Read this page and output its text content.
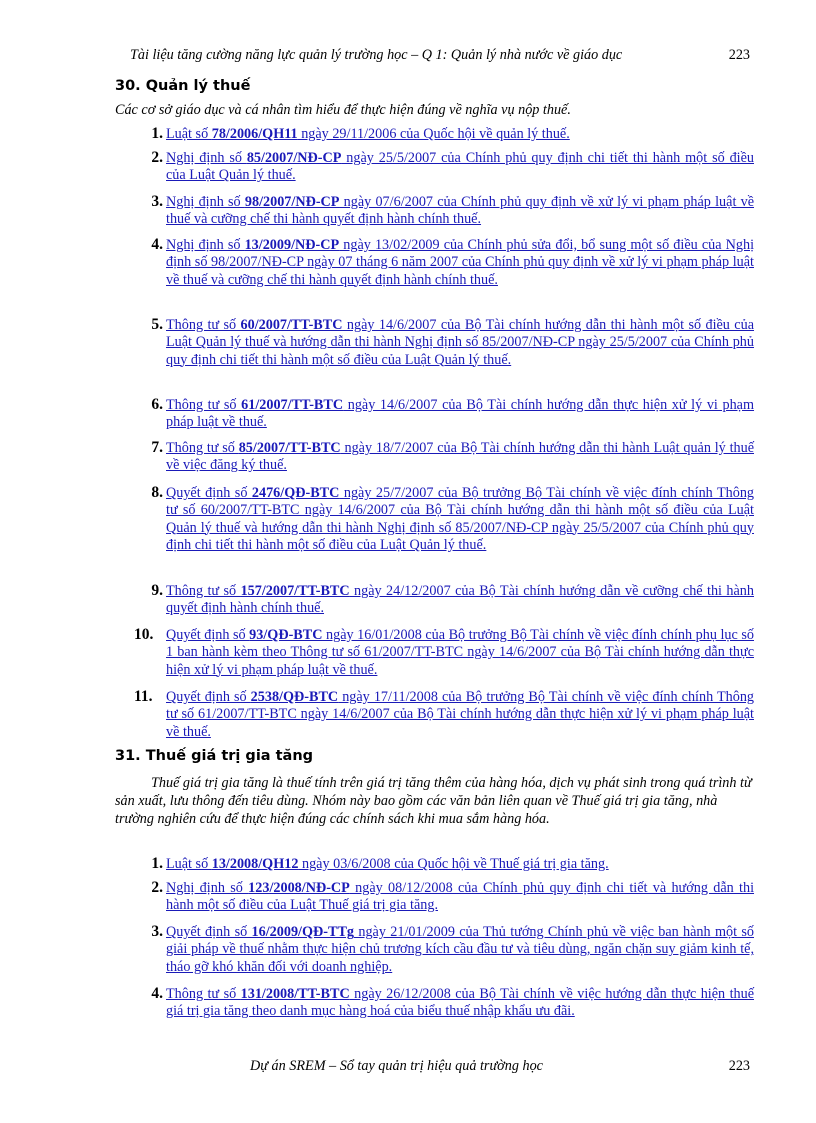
Tài liệu tăng cường năng lực quản lý trường học – Q 1: Quản lý nhà nước về giáo dục	223
30. Quản lý thuế
Các cơ sở giáo dục và cá nhân tìm hiểu để thực hiện đúng về nghĩa vụ nộp thuế.
1. Luật số 78/2006/QH11 ngày 29/11/2006 của Quốc hội về quản lý thuế.
2. Nghị định số 85/2007/NĐ-CP ngày 25/5/2007 của Chính phủ quy định chi tiết thi hành một số điều của Luật Quản lý thuế.
3. Nghị định số 98/2007/NĐ-CP ngày 07/6/2007 của Chính phủ quy định về xử lý vi phạm pháp luật về thuế và cưỡng chế thi hành quyết định hành chính thuế.
4. Nghị định số 13/2009/NĐ-CP ngày 13/02/2009 của Chính phủ sửa đổi, bổ sung một số điều của Nghị định số 98/2007/NĐ-CP ngày 07 tháng 6 năm 2007 của Chính phủ quy định về xử lý vi phạm pháp luật về thuế và cưỡng chế thi hành quyết định hành chính thuế.
5. Thông tư số 60/2007/TT-BTC ngày 14/6/2007 của Bộ Tài chính hướng dẫn thi hành một số điều của Luật Quản lý thuế và hướng dẫn thi hành Nghị định số 85/2007/NĐ-CP ngày 25/5/2007 của Chính phủ quy định chi tiết thi hành một số điều của Luật Quản lý thuế.
6. Thông tư số 61/2007/TT-BTC ngày 14/6/2007 của Bộ Tài chính hướng dẫn thực hiện xử lý vi phạm pháp luật về thuế.
7. Thông tư số 85/2007/TT-BTC ngày 18/7/2007 của Bộ Tài chính hướng dẫn thi hành Luật quản lý thuế về việc đăng ký thuế.
8. Quyết định số 2476/QĐ-BTC ngày 25/7/2007 của Bộ trưởng Bộ Tài chính về việc đính chính Thông tư số 60/2007/TT-BTC ngày 14/6/2007 của Bộ Tài chính hướng dẫn thi hành một số điều của Luật Quản lý thuế và hướng dẫn thi hành Nghị định số 85/2007/NĐ-CP ngày 25/5/2007 của Chính phủ quy định chi tiết thi hành một số điều của Luật Quản lý thuế.
9. Thông tư số 157/2007/TT-BTC ngày 24/12/2007 của Bộ Tài chính hướng dẫn về cưỡng chế thi hành quyết định hành chính thuế.
10. Quyết định số 93/QĐ-BTC ngày 16/01/2008 của Bộ trưởng Bộ Tài chính về việc đính chính phụ lục số 1 ban hành kèm theo Thông tư số 61/2007/TT-BTC ngày 14/6/2007 của Bộ Tài chính hướng dẫn thực hiện xử lý vi phạm pháp luật về thuế.
11. Quyết định số 2538/QĐ-BTC ngày 17/11/2008 của Bộ trưởng Bộ Tài chính về việc đính chính Thông tư số 61/2007/TT-BTC ngày 14/6/2007 của Bộ Tài chính hướng dẫn thực hiện xử lý vi phạm pháp luật về thuế.
31. Thuế giá trị gia tăng
Thuế giá trị gia tăng là thuế tính trên giá trị tăng thêm của hàng hóa, dịch vụ phát sinh trong quá trình từ sản xuất, lưu thông đến tiêu dùng. Nhóm này bao gồm các văn bản liên quan về Thuế giá trị gia tăng, nhà trường nghiên cứu để thực hiện đúng các chính sách khi mua sắm hàng hóa.
1. Luật số 13/2008/QH12 ngày 03/6/2008 của Quốc hội về Thuế giá trị gia tăng.
2. Nghị định số 123/2008/NĐ-CP ngày 08/12/2008 của Chính phủ quy định chi tiết và hướng dẫn thi hành một số điều của Luật Thuế giá trị gia tăng.
3. Quyết định số 16/2009/QĐ-TTg ngày 21/01/2009 của Thủ tướng Chính phủ về việc ban hành một số giải pháp về thuế nhằm thực hiện chủ trương kích cầu đầu tư và tiêu dùng, ngăn chặn suy giảm kinh tế, tháo gỡ khó khăn đối với doanh nghiệp.
4. Thông tư số 131/2008/TT-BTC ngày 26/12/2008 của Bộ Tài chính về việc hướng dẫn thực hiện thuế giá trị gia tăng theo danh mục hàng hoá của biểu thuế nhập khẩu ưu đãi.
Dự án SREM – Sổ tay quản trị hiệu quả trường học	223
